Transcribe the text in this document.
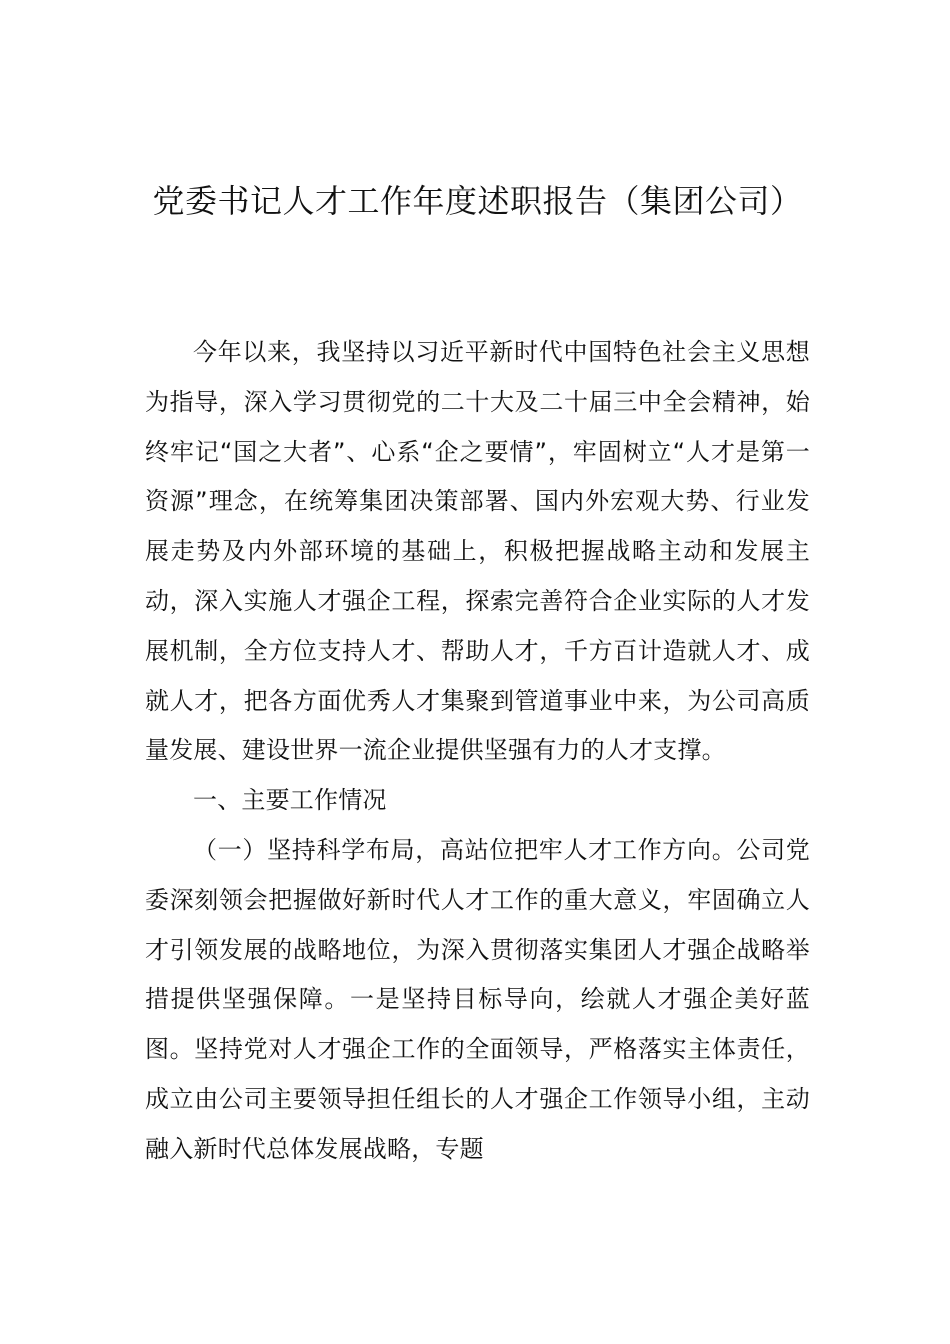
党委书记人才工作年度述职报告（集团公司）

今年以来，我坚持以习近平新时代中国特色社会主义思想为指导，深入学习贯彻党的二十大及二十届三中全会精神，始终牢记“国之大者”、心系“企之要情”，牢固树立“人才是第一资源”理念，在统筹集团决策部署、国内外宏观大势、行业发展走势及内外部环境的基础上，积极把握战略主动和发展主动，深入实施人才强企工程，探索完善符合企业实际的人才发展机制，全方位支持人才、帮助人才，千方百计造就人才、成就人才，把各方面优秀人才集聚到管道事业中来，为公司高质量发展、建设世界一流企业提供坚强有力的人才支撑。

一、主要工作情况

（一）坚持科学布局，高站位把牢人才工作方向。公司党委深刻领会把握做好新时代人才工作的重大意义，牢固确立人才引领发展的战略地位，为深入贯彻落实集团人才强企战略举措提供坚强保障。一是坚持目标导向，绘就人才强企美好蓝图。坚持党对人才强企工作的全面领导，严格落实主体责任，成立由公司主要领导担任组长的人才强企工作领导小组，主动融入新时代总体发展战略，专题
